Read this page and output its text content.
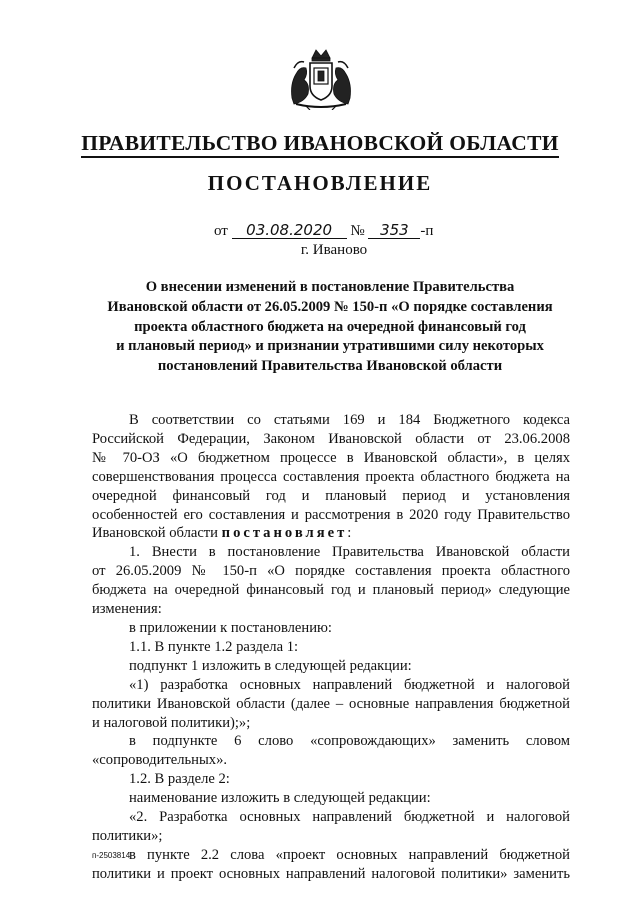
ПРАВИТЕЛЬСТВО ИВАНОВСКОЙ ОБЛАСТИ
ПОСТАНОВЛЕНИЕ
от 03.08.2020 № 353 -п
г. Иваново
О внесении изменений в постановление Правительства
Ивановской области от 26.05.2009 № 150-п «О порядке составления
проекта областного бюджета на очередной финансовый год
и плановый период» и признании утратившими силу некоторых
постановлений Правительства Ивановской области

В соответствии со статьями 169 и 184 Бюджетного кодекса
Российской Федерации, Законом Ивановской области от 23.06.2008
№ 70-ОЗ «О бюджетном процессе в Ивановской области», в целях
совершенствования процесса составления проекта областного бюджета на
очередной финансовый год и плановый период и установления
особенностей его составления и рассмотрения в 2020 году Правительство
Ивановской области постановляет:

1. Внести в постановление Правительства Ивановской области
от 26.05.2009 № 150-п «О порядке составления проекта областного
бюджета на очередной финансовый год и плановый период» следующие
изменения:

в приложении к постановлению:

1.1. В пункте 1.2 раздела 1:

подпункт 1 изложить в следующей редакции:

«1) разработка основных направлений бюджетной и налоговой
политики Ивановской области (далее – основные направления бюджетной
и налоговой политики);»;

в подпункте 6 слово «сопровождающих» заменить словом
«сопроводительных».

1.2. В разделе 2:

наименование изложить в следующей редакции:

«2. Разработка основных направлений бюджетной и налоговой
политики»;

в пункте 2.2 слова «проект основных направлений бюджетной
политики и проект основных направлений налоговой политики» заменить

п-2503814
